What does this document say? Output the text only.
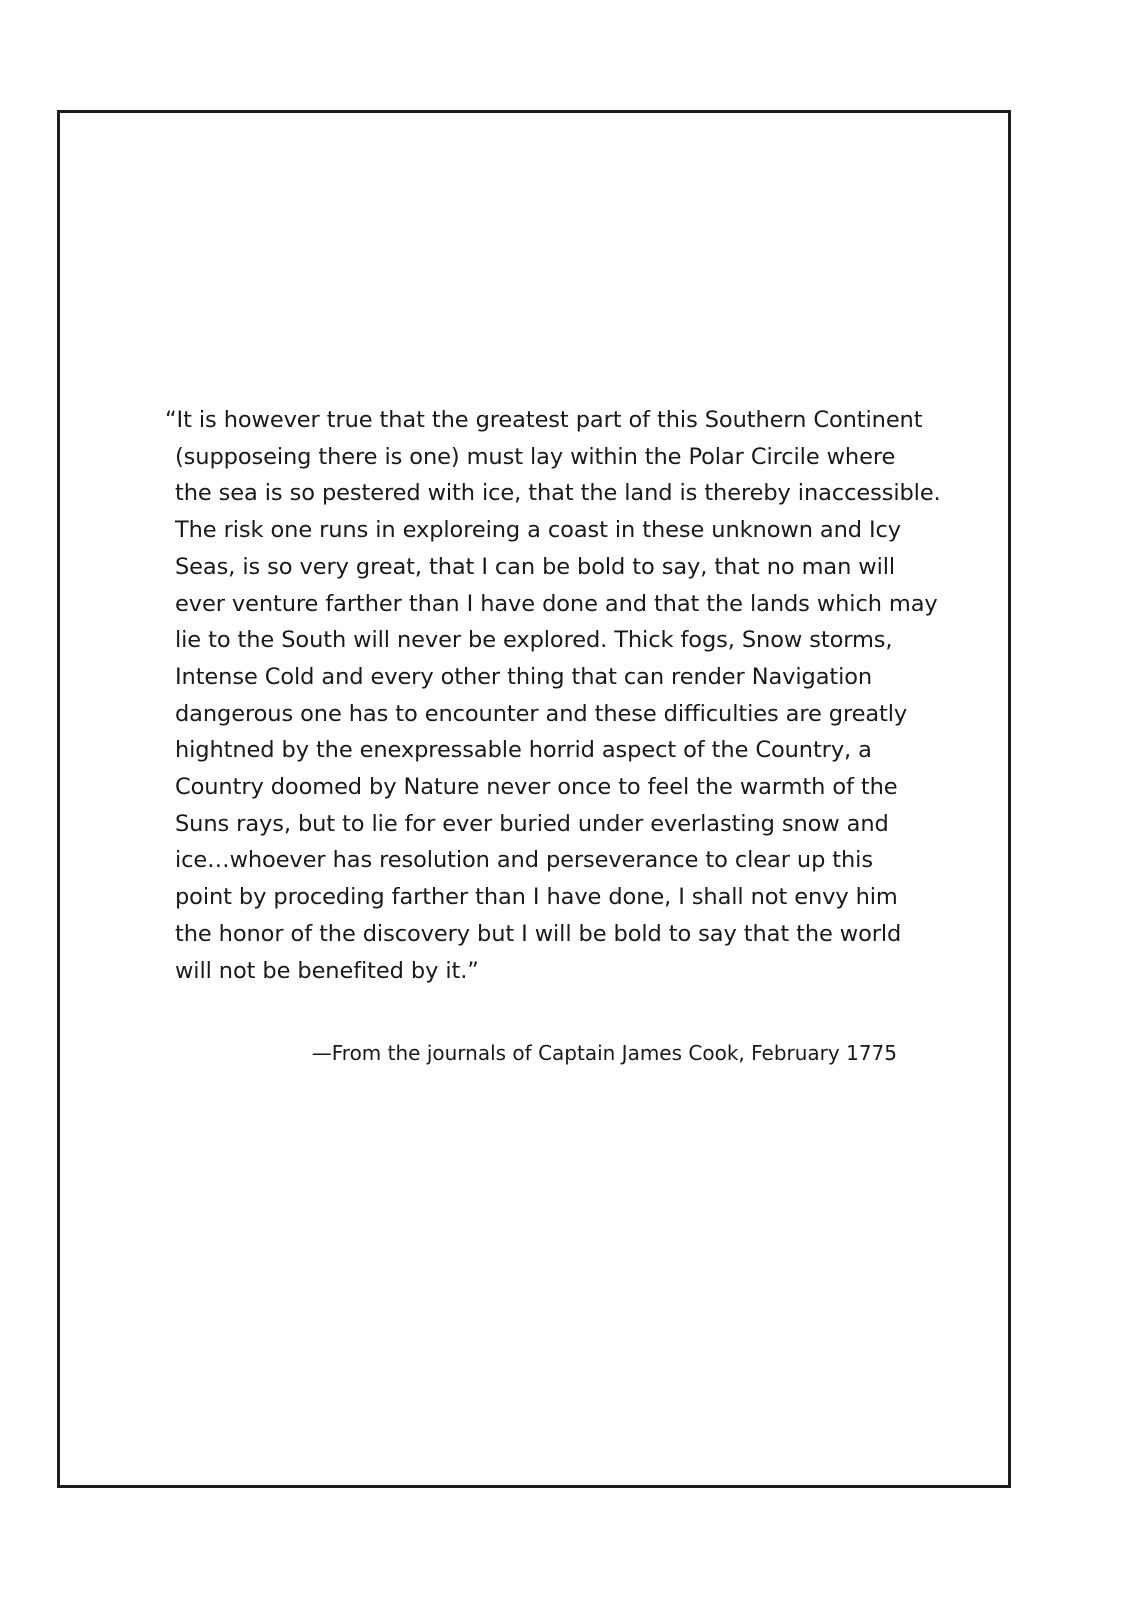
“It is however true that the greatest part of this Southern Continent
(supposeing there is one) must lay within the Polar Circile where
the sea is so pestered with ice, that the land is thereby inaccessible.
The risk one runs in exploreing a coast in these unknown and Icy
Seas, is so very great, that I can be bold to say, that no man will
ever venture farther than I have done and that the lands which may
lie to the South will never be explored. Thick fogs, Snow storms,
Intense Cold and every other thing that can render Navigation
dangerous one has to encounter and these difficulties are greatly
hightned by the enexpressable horrid aspect of the Country, a
Country doomed by Nature never once to feel the warmth of the
Suns rays, but to lie for ever buried under everlasting snow and
ice…whoever has resolution and perseverance to clear up this
point by proceding farther than I have done, I shall not envy him
the honor of the discovery but I will be bold to say that the world
will not be benefited by it.”

—From the journals of Captain James Cook, February 1775
